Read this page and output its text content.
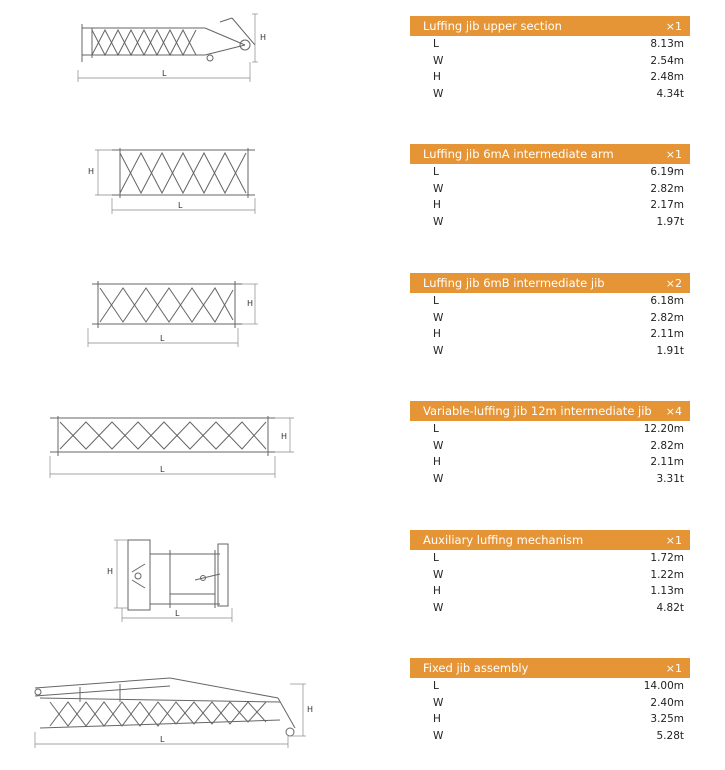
L
H
Luffing jib upper section	×1
L	8.13m
W	2.54m
H	2.48m
W	4.34t
L
H
Luffing jib 6mA intermediate arm	×1
L	6.19m
W	2.82m
H	2.17m
W	1.97t
L
H
Luffing jib 6mB intermediate jib	×2
L	6.18m
W	2.82m
H	2.11m
W	1.91t
L
H
Variable-luffing jib 12m intermediate jib ×4
L	12.20m
W	2.82m
H	2.11m
W	3.31t
L
H
Auxiliary luffing mechanism	×1
L	1.72m
W	1.22m
H	1.13m
W	4.82t
L
H
Fixed jib assembly	×1
L	14.00m
W	2.40m
H	3.25m
W	5.28t
